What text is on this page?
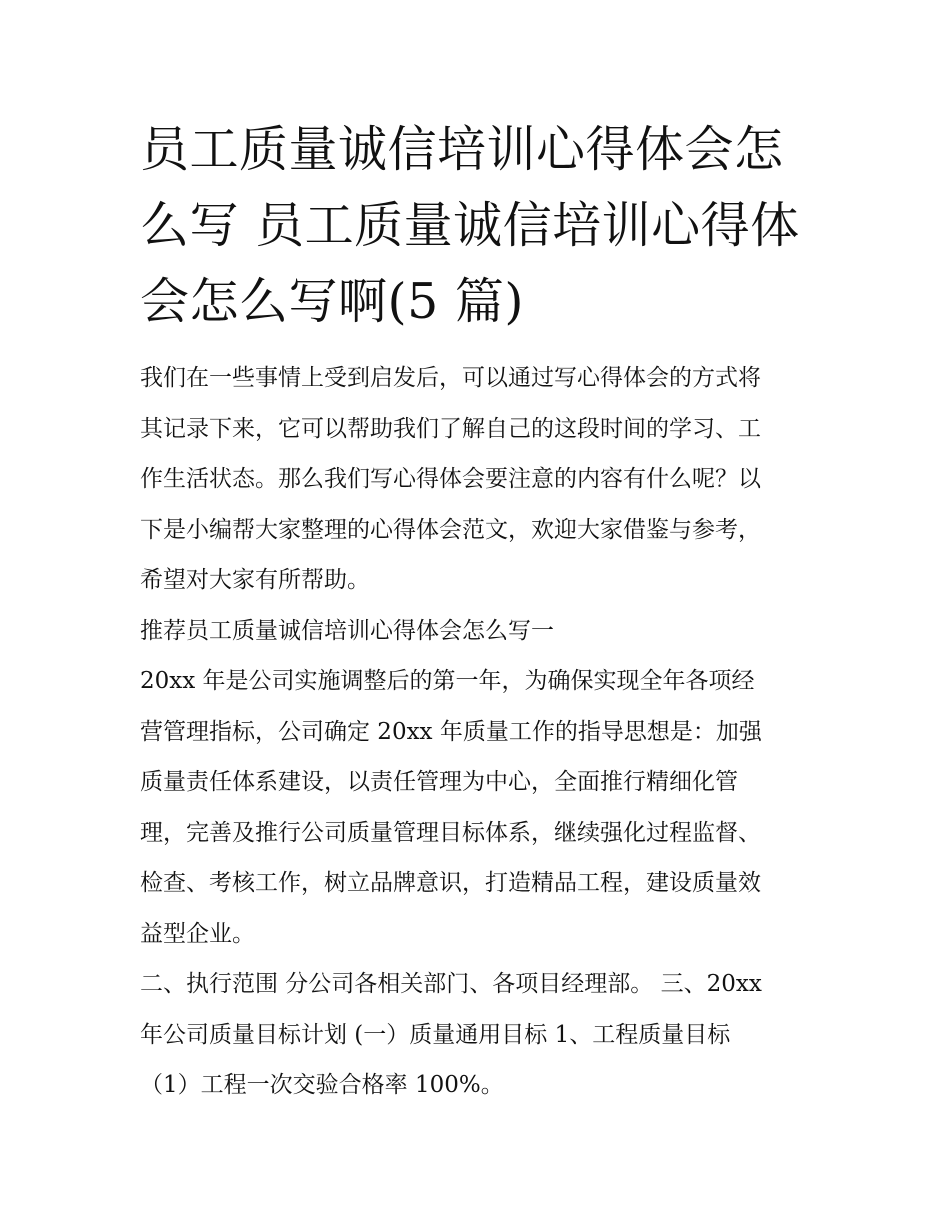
员工质量诚信培训心得体会怎
么写 员工质量诚信培训心得体
会怎么写啊(5 篇)

我们在一些事情上受到启发后，可以通过写心得体会的方式将
其记录下来，它可以帮助我们了解自己的这段时间的学习、工
作生活状态。那么我们写心得体会要注意的内容有什么呢？以
下是小编帮大家整理的心得体会范文，欢迎大家借鉴与参考，
希望对大家有所帮助。

推荐员工质量诚信培训心得体会怎么写一

20xx 年是公司实施调整后的第一年，为确保实现全年各项经
营管理指标，公司确定 20xx 年质量工作的指导思想是：加强
质量责任体系建设，以责任管理为中心，全面推行精细化管
理，完善及推行公司质量管理目标体系，继续强化过程监督、
检查、考核工作，树立品牌意识，打造精品工程，建设质量效
益型企业。

二、执行范围 分公司各相关部门、各项目经理部。 三、20xx
年公司质量目标计划 (一）质量通用目标 1、工程质量目标
（1）工程一次交验合格率 100%。
